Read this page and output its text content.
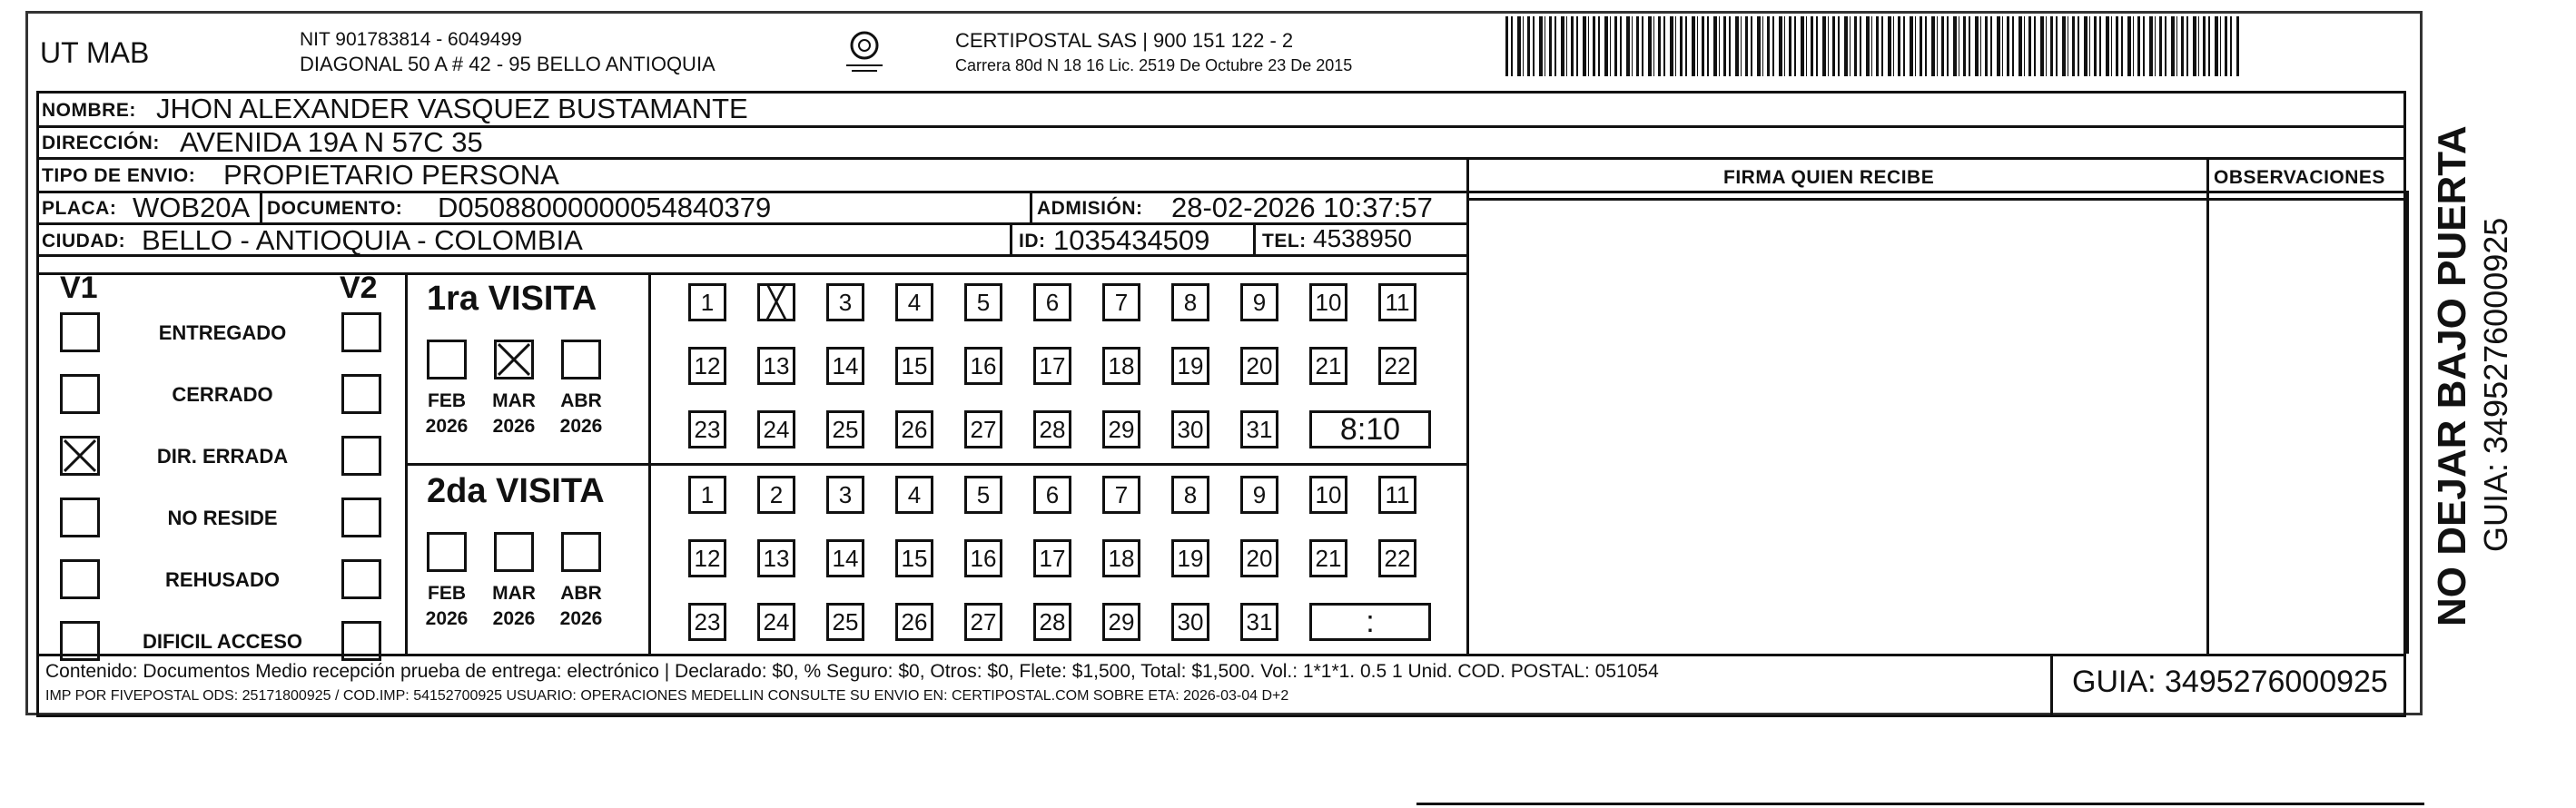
UT MAB	NIT 901783814 - 6049499
DIAGONAL 50 A # 42 - 95 BELLO ANTIOQUIA
CERTIPOSTAL SAS | 900 151 122 - 2
Carrera 80d N 18 16 Lic. 2519 De Octubre 23 De 2015
NOMBRE: JHON ALEXANDER VASQUEZ BUSTAMANTE
DIRECCIÓN: AVENIDA 19A N 57C 35
TIPO DE ENVIO: PROPIETARIO PERSONA	FIRMA QUIEN RECIBE	OBSERVACIONES
PLACA: WOB20A DOCUMENTO: D05088000000054840379	ADMISIÓN: 28-02-2026 10:37:57
CIUDAD: BELLO - ANTIOQUIA - COLOMBIA	ID: 1035434509	TEL: 4538950
V1	V2
ENTREGADO
CERRADO
DIR. ERRADA
NO RESIDE
REHUSADO
DIFICIL ACCESO
1ra VISITA
FEB
2026
MAR
2026
ABR
2026
1
╳	3	4	5	6	7	8	9	10 11
12 13 14 15 16 17 18 19 20 21 22
23 24 25 26 27 28 29 30 31	8:10
2da VISITA
FEB
2026
MAR
2026
ABR
2026
1	2	3	4	5	6	7	8	9	10 11
12 13 14 15 16 17 18 19 20 21 22
23 24 25 26 27 28 29 30 31	:
Contenido: Documentos Medio recepción prueba de entrega: electrónico | Declarado: $0, % Seguro: $0, Otros: $0, Flete: $1,500, Total: $1,500. Vol.: 1*1*1. 0.5 1 Unid. COD. POSTAL: 051054
IMP POR FIVEPOSTAL ODS: 25171800925 / COD.IMP: 54152700925 USUARIO: OPERACIONES MEDELLIN CONSULTE SU ENVIO EN: CERTIPOSTAL.COM SOBRE ETA: 2026-03-04 D+2	GUIA: 3495276000925
NO DEJAR BAJO PUERTA GUIA: 3495276000925
